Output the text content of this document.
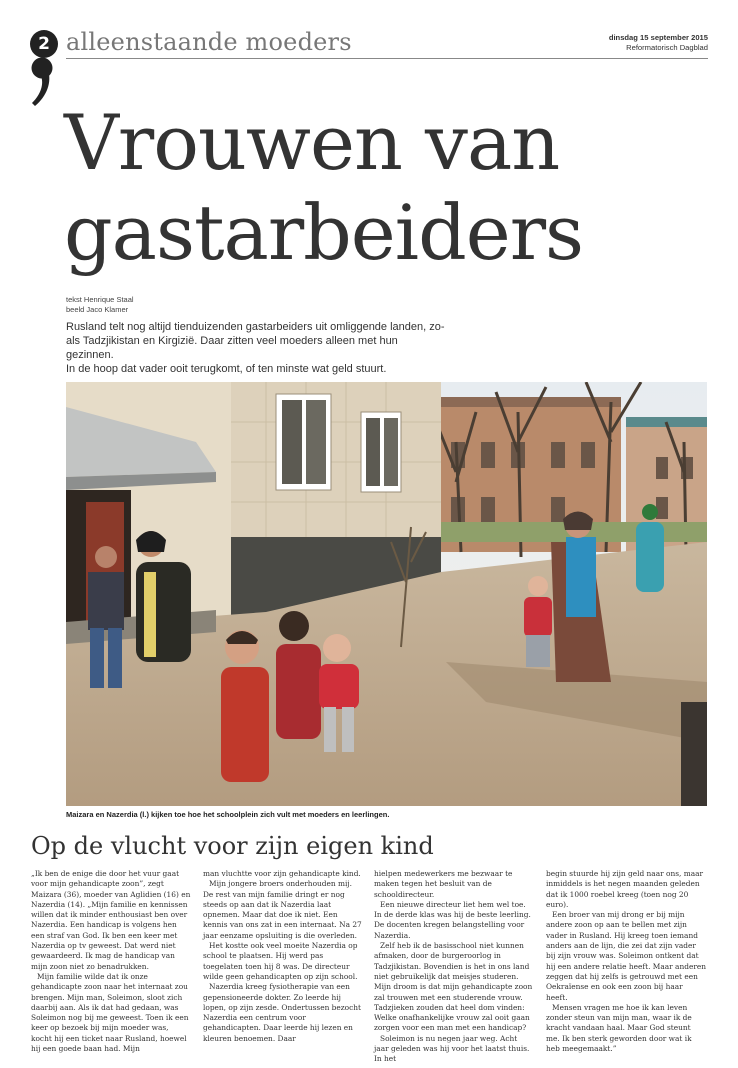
2 alleenstaande moeders	dinsdag 15 september 2015
Reformatorisch Dagblad
Vrouwen van
gastarbeiders
tekst Henrique Staal
beeld Jaco Klamer
Rusland telt nog altijd tienduizenden gastarbeiders uit omliggende landen, zo-
als Tadzjikistan en Kirgizië. Daar zitten veel moeders alleen met hun gezinnen.
In de hoop dat vader ooit terugkomt, of ten minste wat geld stuurt.
Maizara en Nazerdia (l.) kijken toe hoe het schoolplein zich vult met moeders en leerlingen.
Op de vlucht voor zijn eigen kind

„Ik ben de enige die door het vuur gaat voor mijn gehandicapte zoon”, zegt Maizara (36), moeder van Aglidien (16) en Nazerdia (14). „Mijn familie en kennissen willen dat ik minder enthousiast ben over Nazerdia. Een handicap is volgens hen een straf van God. Ik ben een keer met Nazerdia op tv geweest. Dat werd niet gewaardeerd. Ik mag de handicap van mijn zoon niet zo benadrukken.

Mijn familie wilde dat ik onze gehandicapte zoon naar het internaat zou brengen. Mijn man, Soleimon, sloot zich daarbij aan. Als ik dat had gedaan, was Soleimon nog bij me geweest. Toen ik een keer op bezoek bij mijn moeder was, kocht hij een ticket naar Rusland, hoewel hij een goede baan had. Mijn

man vluchtte voor zijn gehandicapte kind.

Mijn jongere broers onderhouden mij. De rest van mijn familie dringt er nog steeds op aan dat ik Nazerdia laat opnemen. Maar dat doe ik niet. Een kennis van ons zat in een internaat. Na 27 jaar eenzame opsluiting is die overleden.

Het kostte ook veel moeite Nazerdia op school te plaatsen. Hij werd pas toegelaten toen hij 8 was. De directeur wilde geen gehandicapten op zijn school.

Nazerdia kreeg fysiotherapie van een gepensioneerde dokter. Zo leerde hij lopen, op zijn zesde. Ondertussen bezocht Nazerdia een centrum voor gehandicapten. Daar leerde hij lezen en kleuren benoemen. Daar

hielpen medewerkers me bezwaar te maken tegen het besluit van de schooldirecteur.

Een nieuwe directeur liet hem wel toe. In de derde klas was hij de beste leerling. De docenten kregen belangstelling voor Nazerdia.

Zelf heb ik de basisschool niet kunnen afmaken, door de burgeroorlog in Tadzjikistan. Bovendien is het in ons land niet gebruikelijk dat meisjes studeren. Mijn droom is dat mijn gehandicapte zoon zal trouwen met een studerende vrouw. Tadzjieken zouden dat heel dom vinden: Welke onafhankelijke vrouw zal ooit gaan zorgen voor een man met een handicap?

Soleimon is nu negen jaar weg. Acht jaar geleden was hij voor het laatst thuis. In het

begin stuurde hij zijn geld naar ons, maar inmiddels is het negen maanden geleden dat ik 1000 roebel kreeg (toen nog 20 euro).

Een broer van mij drong er bij mijn andere zoon op aan te bellen met zijn vader in Rusland. Hij kreeg toen iemand anders aan de lijn, die zei dat zijn vader bij zijn vrouw was. Soleimon ontkent dat hij een andere relatie heeft. Maar anderen zeggen dat hij zelfs is getrouwd met een Oekraïense en ook een zoon bij haar heeft.

Mensen vragen me hoe ik kan leven zonder steun van mijn man, waar ik de kracht vandaan haal. Maar God steunt me. Ik ben sterk geworden door wat ik heb meegemaakt.”
